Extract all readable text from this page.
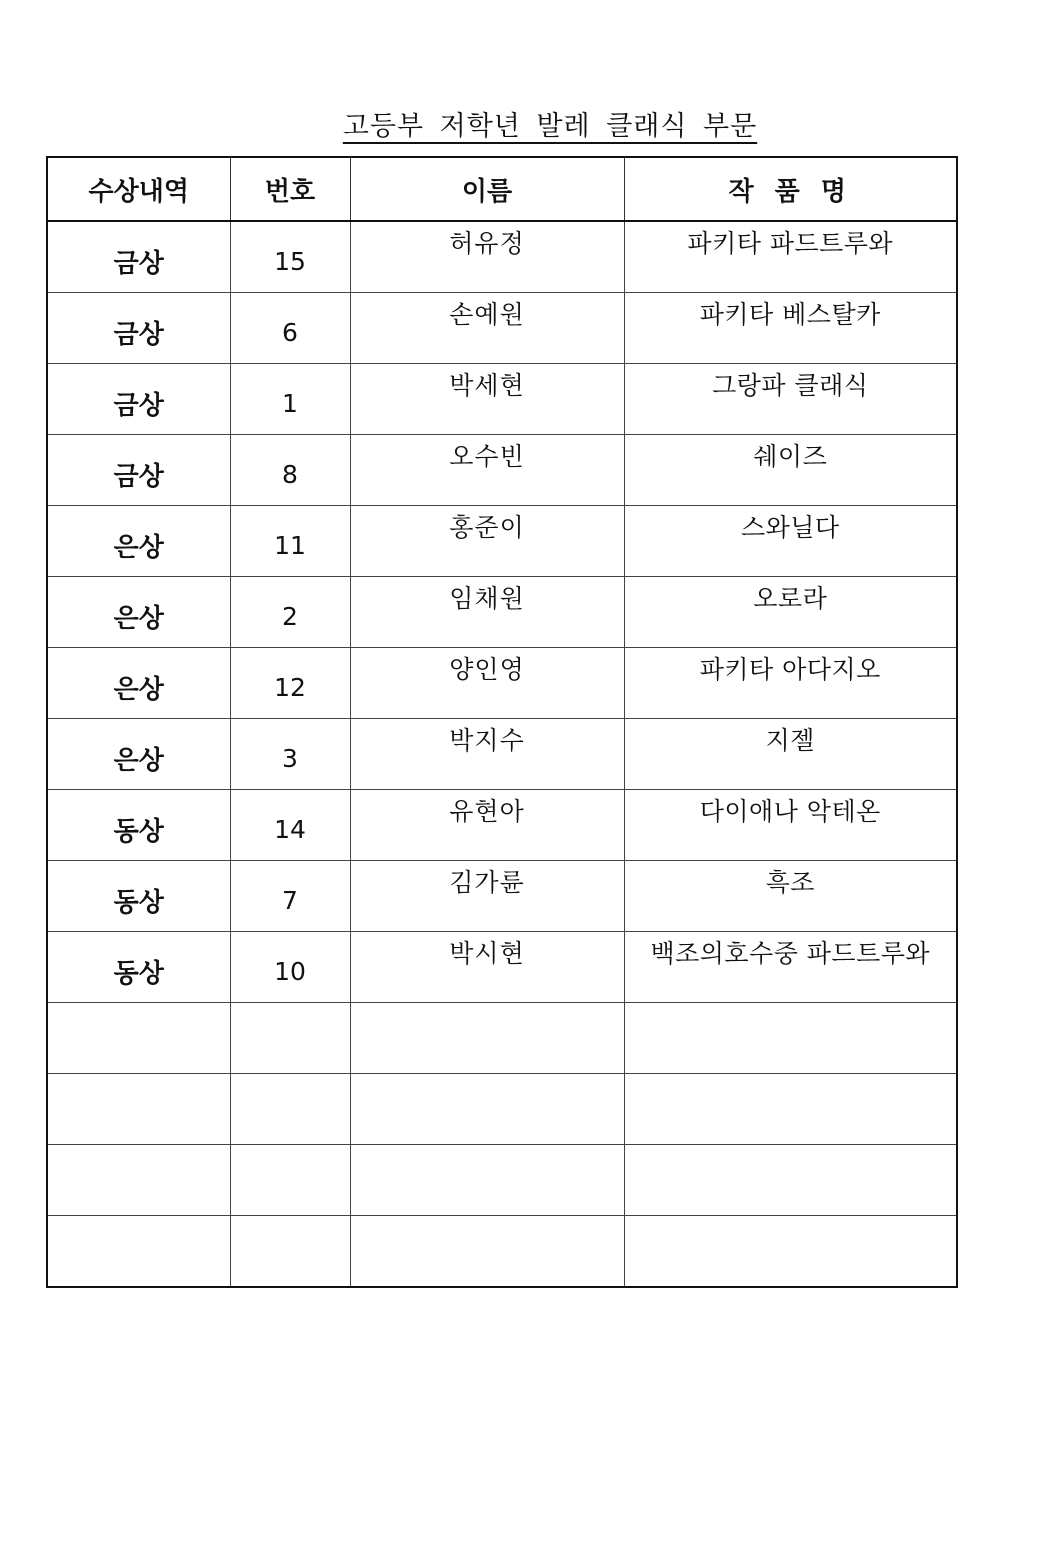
고등부 저학년 발레 클래식 부문
수상내역	번호	이름	작 품 명
금상	15	허유정	파키타 파드트루와
금상	6	손예원	파키타 베스탈카
금상	1	박세현	그랑파 클래식
금상	8	오수빈	쉐이즈
은상	11	홍준이	스와닐다
은상	2	임채원	오로라
은상	12	양인영	파키타 아다지오
은상	3	박지수	지젤
동상	14	유현아	다이애나 악테온
동상	7	김가륜	흑조
동상	10	박시현	백조의호수중 파드트루와
